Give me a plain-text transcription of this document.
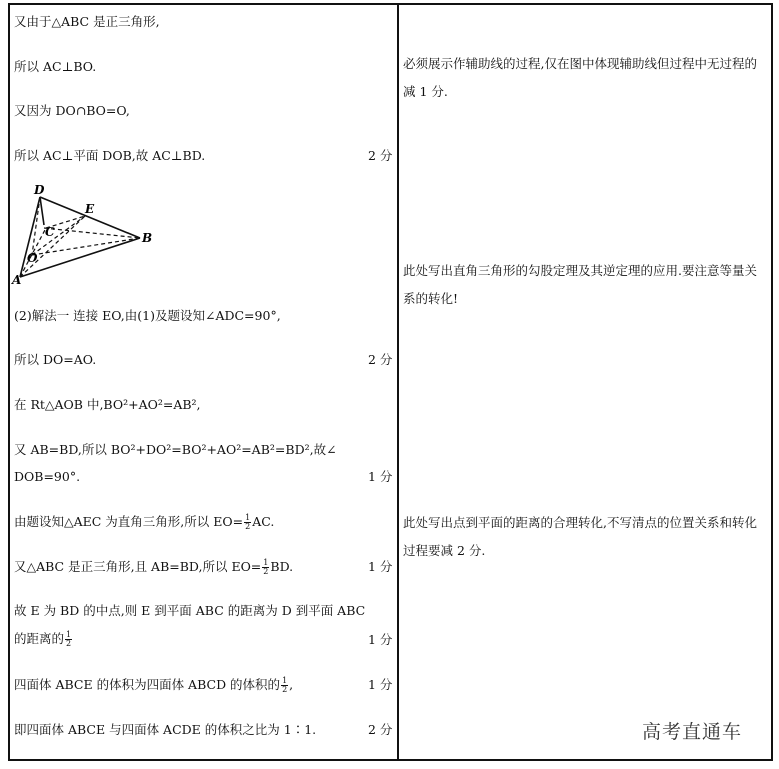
又由于△ABC 是正三角形,
所以 AC⊥BO.
又因为 DO∩BO=O,
所以 AC⊥平面 DOB,故 AC⊥BD.	2 分
D
E
C
O
A
B
(2)解法一 连接 EO,由(1)及题设知∠ADC=90°,
所以 DO=AO.	2 分
在 Rt△AOB 中,BO²+AO²=AB²,
又 AB=BD,所以 BO²+DO²=BO²+AO²=AB²=BD²,故∠
DOB=90°.	1 分
由题设知△AEC 为直角三角形,所以 $EO= \frac{1}{2}$ AC.
又△ABC 是正三角形,且 AB=BD,所以 $EO= \frac{1}{2}$ BD.	1 分
故 E 为 BD 的中点,则 E 到平面 ABC 的距离为 D 到平面 ABC
的距离的 $\frac{1}{2}$	1 分
四面体 ABCE 的体积为四面体 ABCD 的体积的 $\frac{1}{2}$ ,	1 分
即四面体 ABCE 与四面体 ACDE 的体积之比为 1∶1.	2 分
必须展示作辅助线的过程,仅在图中体现辅助线但过程中无过程的减 1 分.
此处写出直角三角形的勾股定理及其逆定理的应用.要注意等量关系的转化!
此处写出点到平面的距离的合理转化,不写清点的位置关系和转化过程要减 2 分.
高考直通车
